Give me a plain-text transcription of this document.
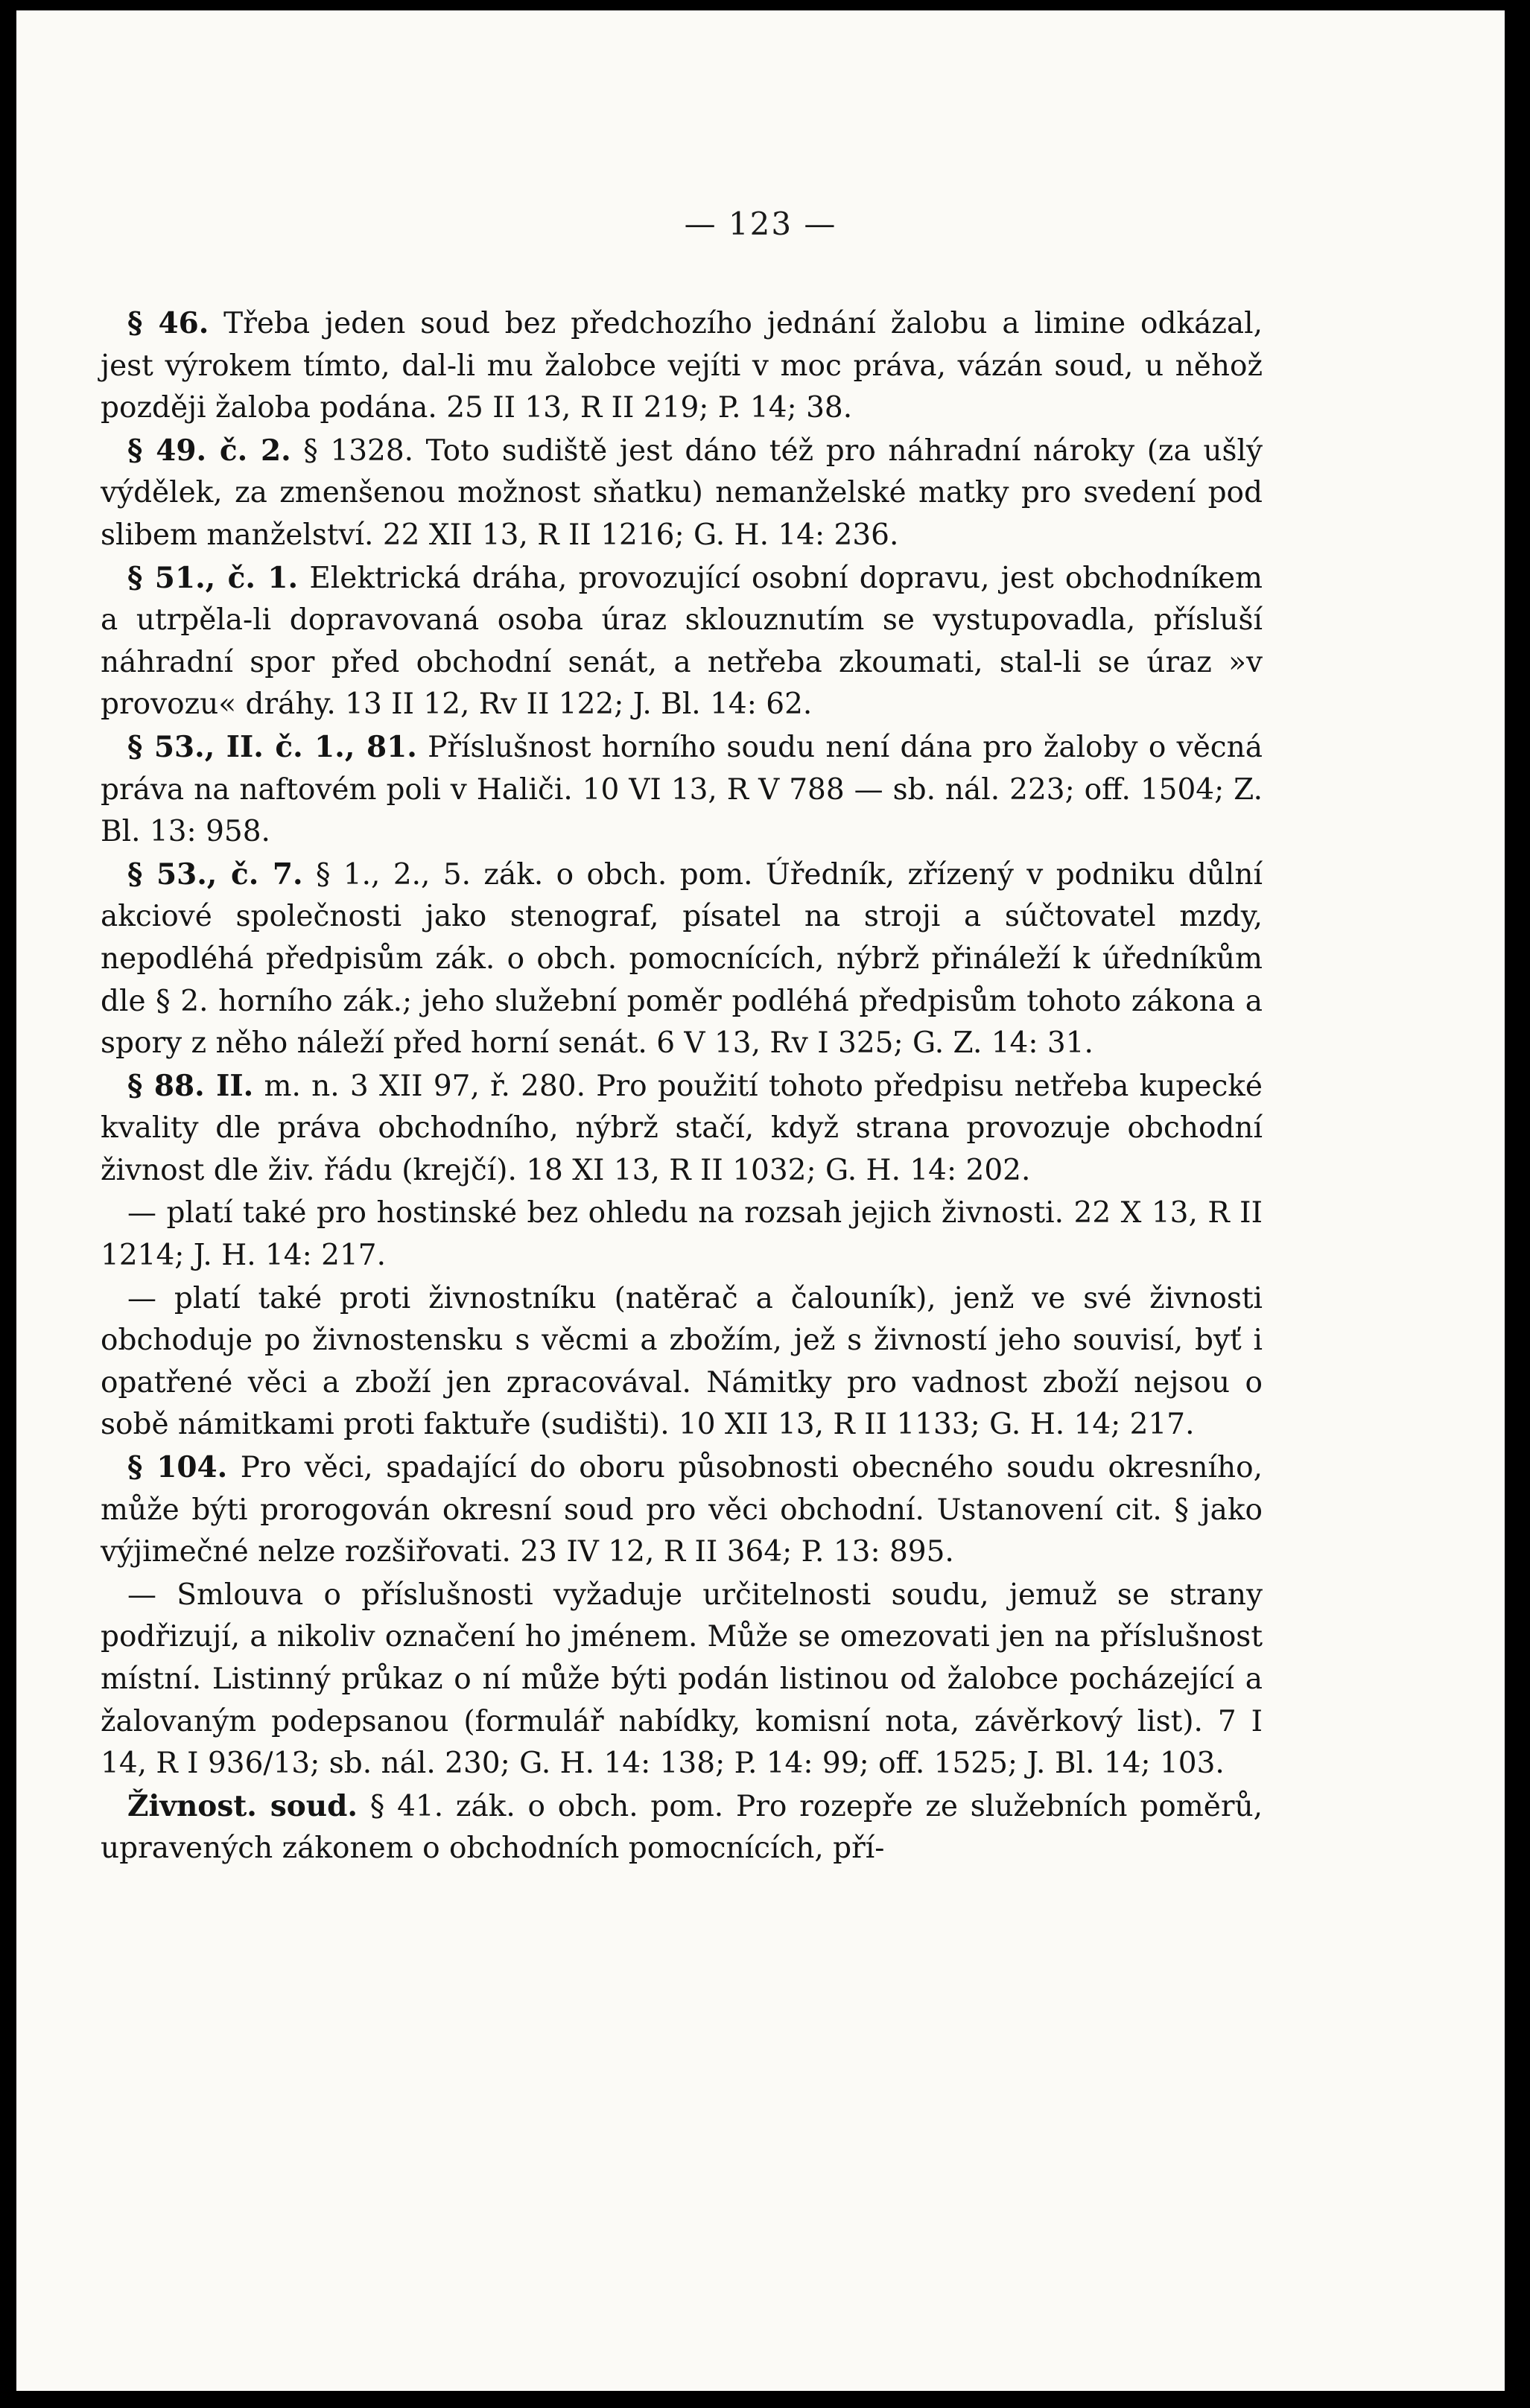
— 123 —

§ 46. Třeba jeden soud bez předchozího jednání žalobu a limine odkázal, jest výrokem tímto, dal-li mu žalobce vejíti v moc práva, vázán soud, u něhož později žaloba podána. 25 II 13, R II 219; P. 14; 38.

§ 49. č. 2. § 1328. Toto sudiště jest dáno též pro náhradní nároky (za ušlý výdělek, za zmenšenou možnost sňatku) nemanželské matky pro svedení pod slibem manželství. 22 XII 13, R II 1216; G. H. 14: 236.

§ 51., č. 1. Elektrická dráha, provozující osobní dopravu, jest obchodníkem a utrpěla-li dopravovaná osoba úraz sklouznutím se vystupovadla, přísluší náhradní spor před obchodní senát, a netřeba zkoumati, stal-li se úraz »v provozu« dráhy. 13 II 12, Rv II 122; J. Bl. 14: 62.

§ 53., II. č. 1., 81. Příslušnost horního soudu není dána pro žaloby o věcná práva na naftovém poli v Haliči. 10 VI 13, R V 788 — sb. nál. 223; off. 1504; Z. Bl. 13: 958.

§ 53., č. 7. § 1., 2., 5. zák. o obch. pom. Úředník, zřízený v podniku důlní akciové společnosti jako stenograf, písatel na stroji a súčtovatel mzdy, nepodléhá předpisům zák. o obch. pomocnících, nýbrž přináleží k úředníkům dle § 2. horního zák.; jeho služební poměr podléhá předpisům tohoto zákona a spory z něho náleží před horní senát. 6 V 13, Rv I 325; G. Z. 14: 31.

§ 88. II. m. n. 3 XII 97, ř. 280. Pro použití tohoto předpisu netřeba kupecké kvality dle práva obchodního, nýbrž stačí, když strana provozuje obchodní živnost dle živ. řádu (krejčí). 18 XI 13, R II 1032; G. H. 14: 202.

— platí také pro hostinské bez ohledu na rozsah jejich živnosti. 22 X 13, R II 1214; J. H. 14: 217.

— platí také proti živnostníku (natěrač a čalouník), jenž ve své živnosti obchoduje po živnostensku s věcmi a zbožím, jež s živností jeho souvisí, byť i opatřené věci a zboží jen zpracovával. Námitky pro vadnost zboží nejsou o sobě námitkami proti faktuře (sudišti). 10 XII 13, R II 1133; G. H. 14; 217.

§ 104. Pro věci, spadající do oboru působnosti obecného soudu okresního, může býti prorogován okresní soud pro věci obchodní. Ustanovení cit. § jako výjimečné nelze rozšiřovati. 23 IV 12, R II 364; P. 13: 895.

— Smlouva o příslušnosti vyžaduje určitelnosti soudu, jemuž se strany podřizují, a nikoliv označení ho jménem. Může se omezovati jen na příslušnost místní. Listinný průkaz o ní může býti podán listinou od žalobce pocházející a žalovaným podepsanou (formulář nabídky, komisní nota, závěrkový list). 7 I 14, R I 936/13; sb. nál. 230; G. H. 14: 138; P. 14: 99; off. 1525; J. Bl. 14; 103.

Živnost. soud. § 41. zák. o obch. pom. Pro rozepře ze služebních poměrů, upravených zákonem o obchodních pomocnících, pří-
